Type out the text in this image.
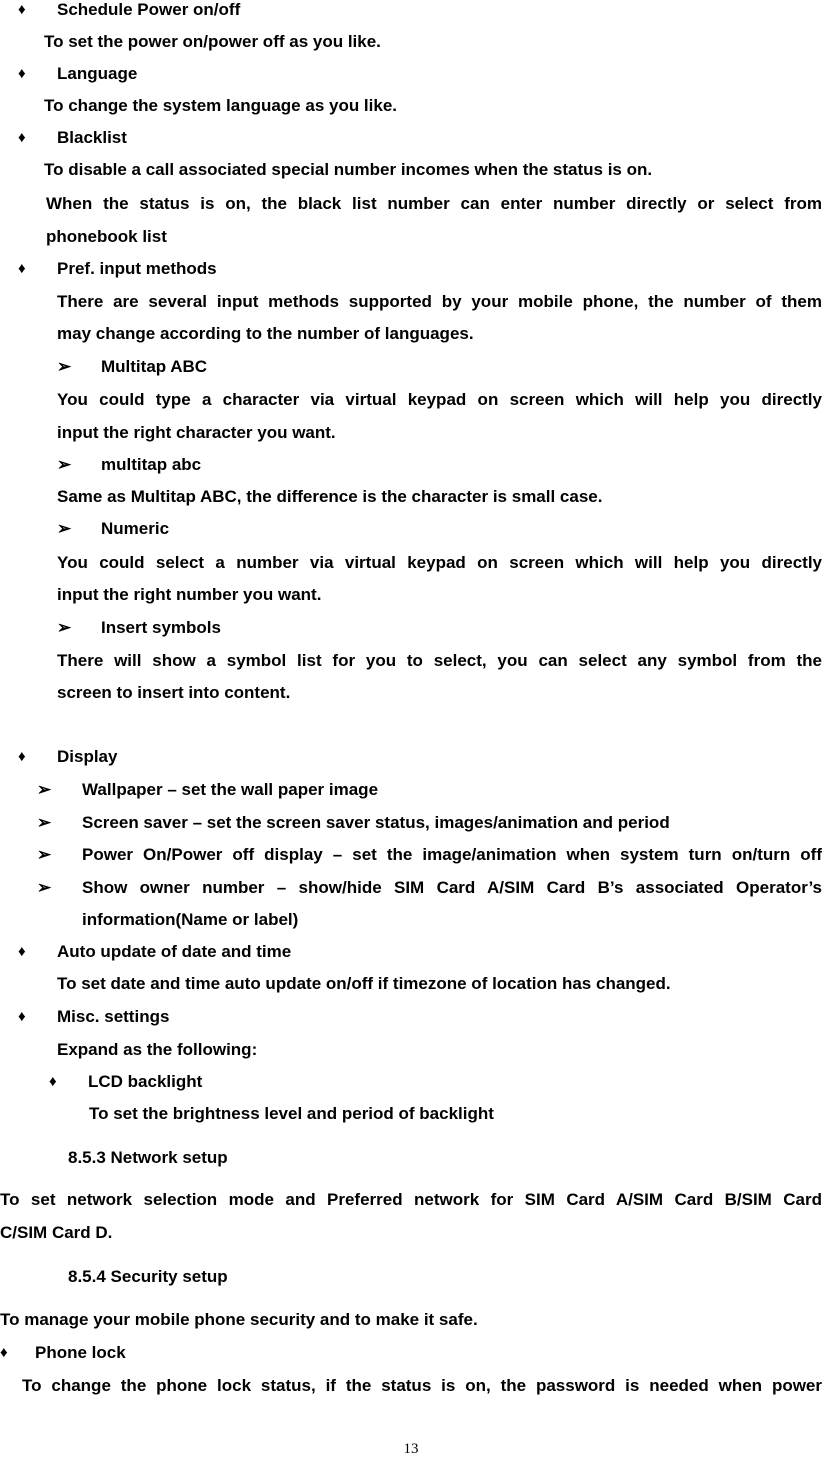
♦ Schedule Power on/off
To set the power on/power off as you like.
♦ Language
To change the system language as you like.
♦ Blacklist
To disable a call associated special number incomes when the status is on.
When the status is on, the black list number can enter number directly or select from
phonebook list
♦ Pref. input methods
There are several input methods supported by your mobile phone, the number of them
may change according to the number of languages.
➢ Multitap ABC
You could type a character via virtual keypad on screen which will help you directly
input the right character you want.
➢ multitap abc
Same as Multitap ABC, the difference is the character is small case.
➢ Numeric
You could select a number via virtual keypad on screen which will help you directly
input the right number you want.
➢ Insert symbols
There will show a symbol list for you to select, you can select any symbol from the
screen to insert into content.
♦ Display
➢ Wallpaper – set the wall paper image
➢ Screen saver – set the screen saver status, images/animation and period
➢ Power On/Power off display – set the image/animation when system turn on/turn off
➢ Show owner number – show/hide SIM Card A/SIM Card B’s associated Operator’s
information(Name or label)
♦ Auto update of date and time
To set date and time auto update on/off if timezone of location has changed.
♦ Misc. settings
Expand as the following:
♦ LCD backlight
To set the brightness level and period of backlight
8.5.3 Network setup
To set network selection mode and Preferred network for SIM Card A/SIM Card B/SIM Card
C/SIM Card D.
8.5.4 Security setup
To manage your mobile phone security and to make it safe.
♦ Phone lock
To change the phone lock status, if the status is on, the password is needed when power
13
